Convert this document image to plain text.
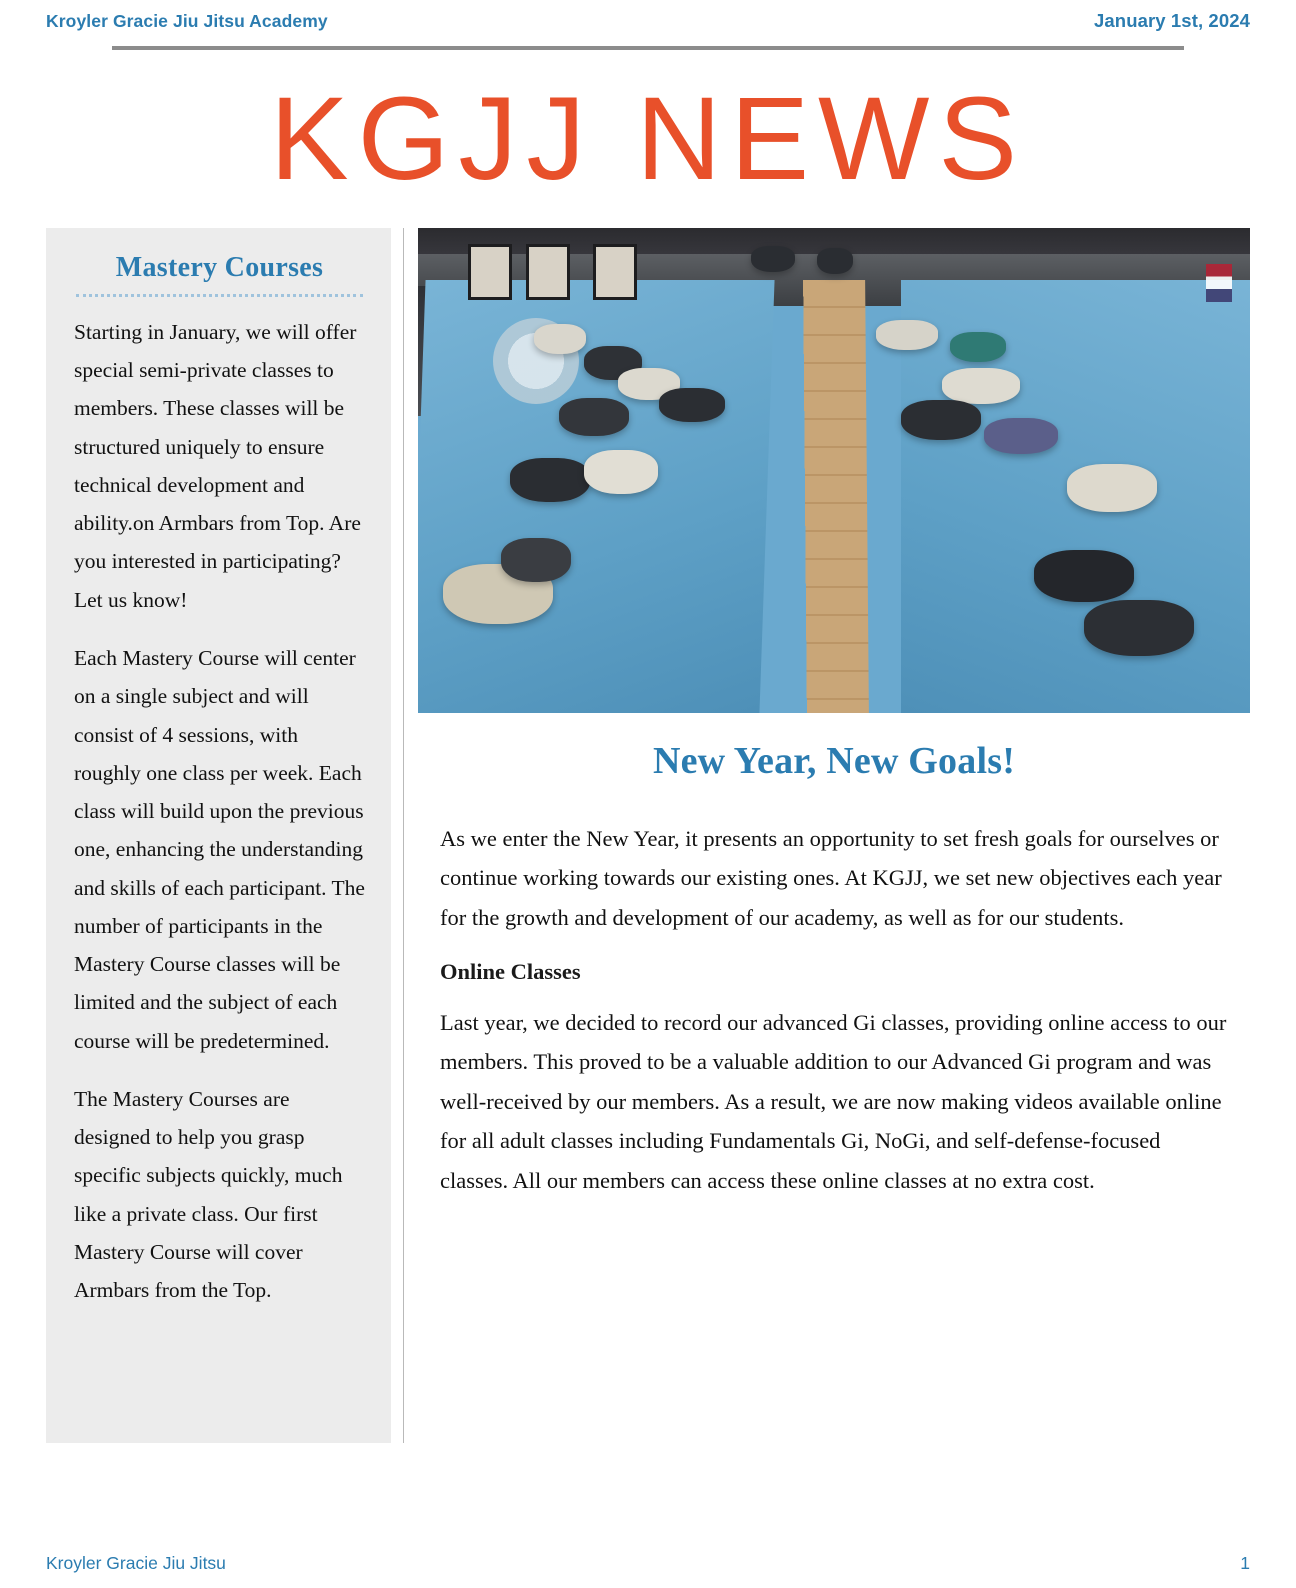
Kroyler Gracie Jiu Jitsu Academy	January 1st, 2024
KGJJ NEWS
Mastery Courses

Starting in January, we will offer special semi-private classes to members. These classes will be structured uniquely to ensure technical development and ability.on Armbars from Top. Are you interested in participating? Let us know!

Each Mastery Course will center on a single subject and will consist of 4 sessions, with roughly one class per week. Each class will build upon the previous one, enhancing the understanding and skills of each participant. The number of participants in the Mastery Course classes will be limited and the subject of each course will be predetermined.

The Mastery Courses are designed to help you grasp specific subjects quickly, much like a private class. Our first Mastery Course will cover Armbars from the Top.

New Year, New Goals!

As we enter the New Year, it presents an opportunity to set fresh goals for ourselves or continue working towards our existing ones. At KGJJ, we set new objectives each year for the growth and development of our academy, as well as for our students.

Online Classes

Last year, we decided to record our advanced Gi classes, providing online access to our members. This proved to be a valuable addition to our Advanced Gi program and was well-received by our members. As a result, we are now making videos available online for all adult classes including Fundamentals Gi, NoGi, and self-defense-focused classes. All our members can access these online classes at no extra cost.

Kroyler Gracie Jiu Jitsu	1
